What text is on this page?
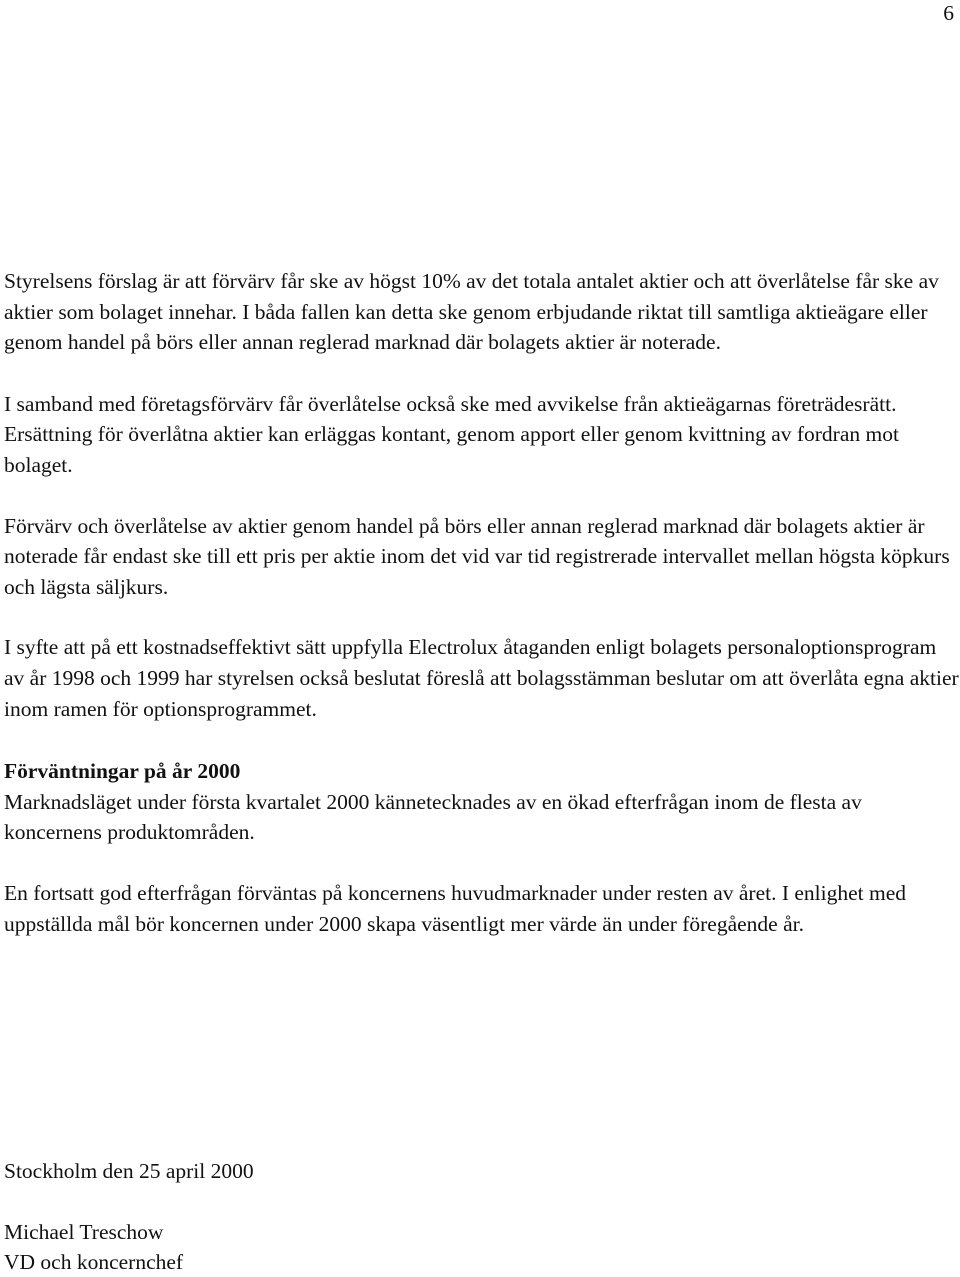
6

Styrelsens förslag är att förvärv får ske av högst 10% av det totala antalet aktier och att överlåtelse får ske av aktier som bolaget innehar. I båda fallen kan detta ske genom erbjudande riktat till samtliga aktieägare eller genom handel på börs eller annan reglerad marknad där bolagets aktier är noterade.

I samband med företagsförvärv får överlåtelse också ske med avvikelse från aktieägarnas företrädesrätt. Ersättning för överlåtna aktier kan erläggas kontant, genom apport eller genom kvittning av fordran mot bolaget.

Förvärv och överlåtelse av aktier genom handel på börs eller annan reglerad marknad där bolagets aktier är noterade får endast ske till ett pris per aktie inom det vid var tid registrerade intervallet mellan högsta köpkurs och lägsta säljkurs.

I syfte att på ett kostnadseffektivt sätt uppfylla Electrolux åtaganden enligt bolagets personaloptionsprogram av år 1998 och 1999 har styrelsen också beslutat föreslå att bolagsstämman beslutar om att överlåta egna aktier inom ramen för optionsprogrammet.

Förväntningar på år 2000

Marknadsläget under första kvartalet 2000 kännetecknades av en ökad efterfrågan inom de flesta av koncernens produktområden.

En fortsatt god efterfrågan förväntas på koncernens huvudmarknader under resten av året. I enlighet med uppställda mål bör koncernen under 2000 skapa väsentligt mer värde än under föregående år.

Stockholm den 25 april 2000

Michael Treschow

VD och koncernchef
